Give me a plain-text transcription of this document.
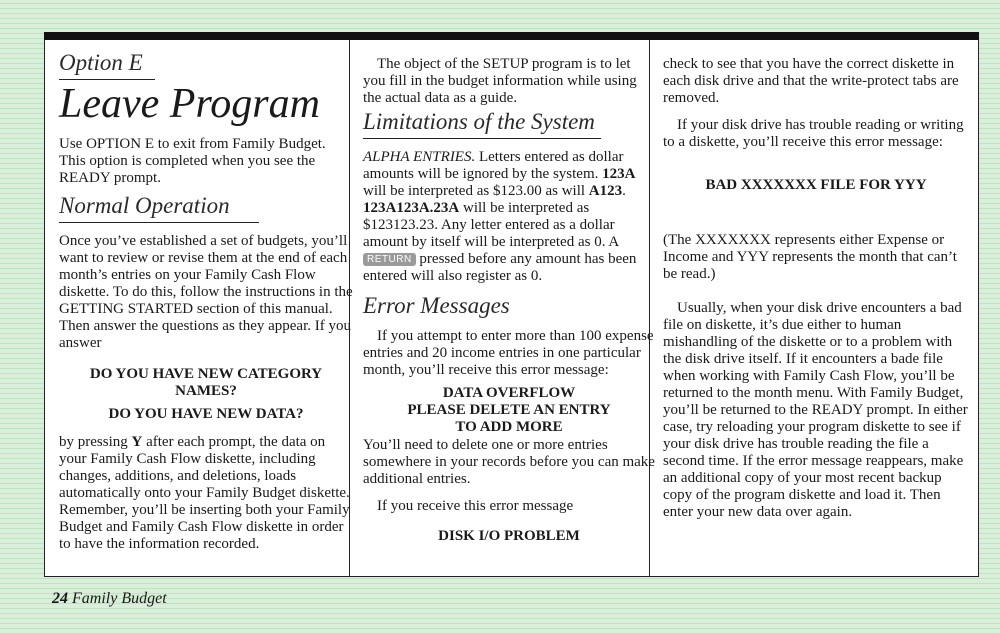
Option E
Leave Program

Use OPTION E to exit from Family Budget. This option is completed when you see the READY prompt.

Normal Operation

Once you’ve established a set of budgets, you’ll want to review or revise them at the end of each month’s entries on your Family Cash Flow diskette. To do this, follow the instructions in the GETTING STARTED section of this manual. Then answer the questions as they appear. If you answer

DO YOU HAVE NEW CATEGORY NAMES?

DO YOU HAVE NEW DATA?

by pressing Y after each prompt, the data on your Family Cash Flow diskette, including changes, additions, and deletions, loads automatically onto your Family Budget diskette. Remember, you’ll be inserting both your Family Budget and Family Cash Flow diskette in order to have the information recorded.

The object of the SETUP program is to let you fill in the budget information while using the actual data as a guide.

Limitations of the System

ALPHA ENTRIES. Letters entered as dollar amounts will be ignored by the system. 123A will be interpreted as $123.00 as will A123. 123A123A.23A will be interpreted as $123123.23. Any letter entered as a dollar amount by itself will be interpreted as 0. A RETURN pressed before any amount has been entered will also register as 0.

Error Messages

If you attempt to enter more than 100 expense entries and 20 income entries in one particular month, you’ll receive this error message:

DATA OVERFLOW

PLEASE DELETE AN ENTRY

TO ADD MORE

You’ll need to delete one or more entries somewhere in your records before you can make additional entries.

If you receive this error message

DISK I/O PROBLEM

check to see that you have the correct diskette in each disk drive and that the write-protect tabs are removed.

If your disk drive has trouble reading or writing to a diskette, you’ll receive this error message:

BAD XXXXXXX FILE FOR YYY

(The XXXXXXX represents either Expense or Income and YYY represents the month that can’t be read.)

Usually, when your disk drive encounters a bad file on diskette, it’s due either to human mishandling of the diskette or to a problem with the disk drive itself. If it encounters a bade file when working with Family Cash Flow, you’ll be returned to the month menu. With Family Budget, you’ll be returned to the READY prompt. In either case, try reloading your program diskette to see if your disk drive has trouble reading the file a second time. If the error message reappears, make an additional copy of your most recent backup copy of the program diskette and load it. Then enter your new data over again.

24 Family Budget
